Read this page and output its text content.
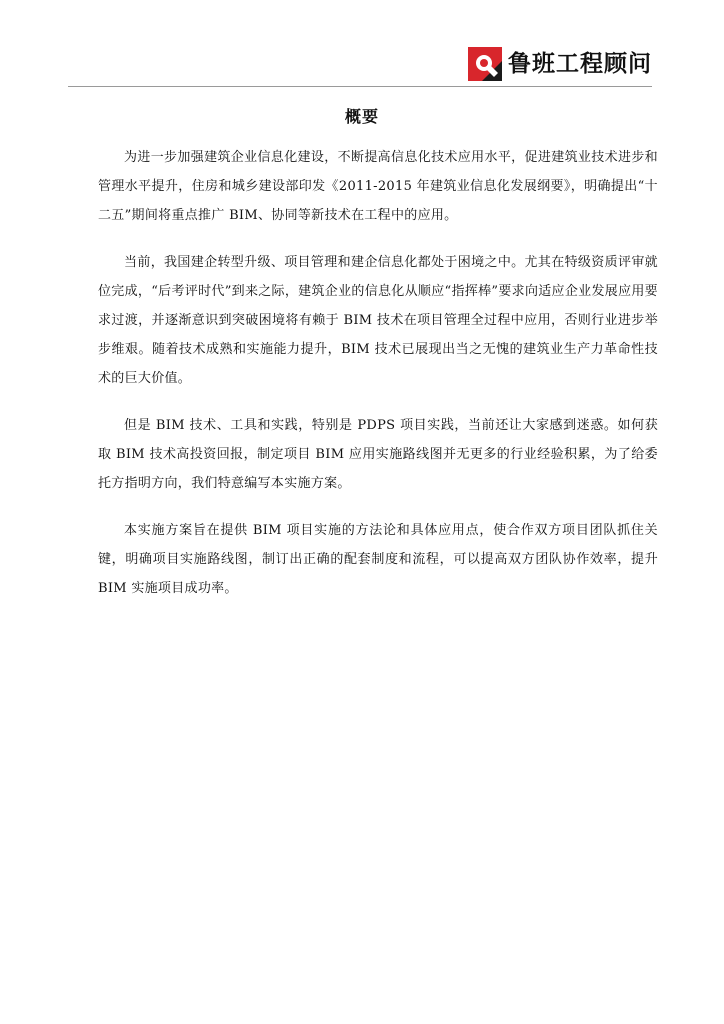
鲁班工程顾问
概要

为进一步加强建筑企业信息化建设，不断提高信息化技术应用水平，促进建筑业技术进步和管理水平提升，住房和城乡建设部印发《2011-2015 年建筑业信息化发展纲要》，明确提出“十二五”期间将重点推广 BIM、协同等新技术在工程中的应用。

当前，我国建企转型升级、项目管理和建企信息化都处于困境之中。尤其在特级资质评审就位完成，“后考评时代”到来之际，建筑企业的信息化从顺应“指挥棒”要求向适应企业发展应用要求过渡，并逐渐意识到突破困境将有赖于 BIM 技术在项目管理全过程中应用，否则行业进步举步维艰。随着技术成熟和实施能力提升，BIM 技术已展现出当之无愧的建筑业生产力革命性技术的巨大价值。

但是 BIM 技术、工具和实践，特别是 PDPS 项目实践，当前还让大家感到迷惑。如何获取 BIM 技术高投资回报，制定项目 BIM 应用实施路线图并无更多的行业经验积累，为了给委托方指明方向，我们特意编写本实施方案。

本实施方案旨在提供 BIM 项目实施的方法论和具体应用点，使合作双方项目团队抓住关键，明确项目实施路线图，制订出正确的配套制度和流程，可以提高双方团队协作效率，提升 BIM 实施项目成功率。
